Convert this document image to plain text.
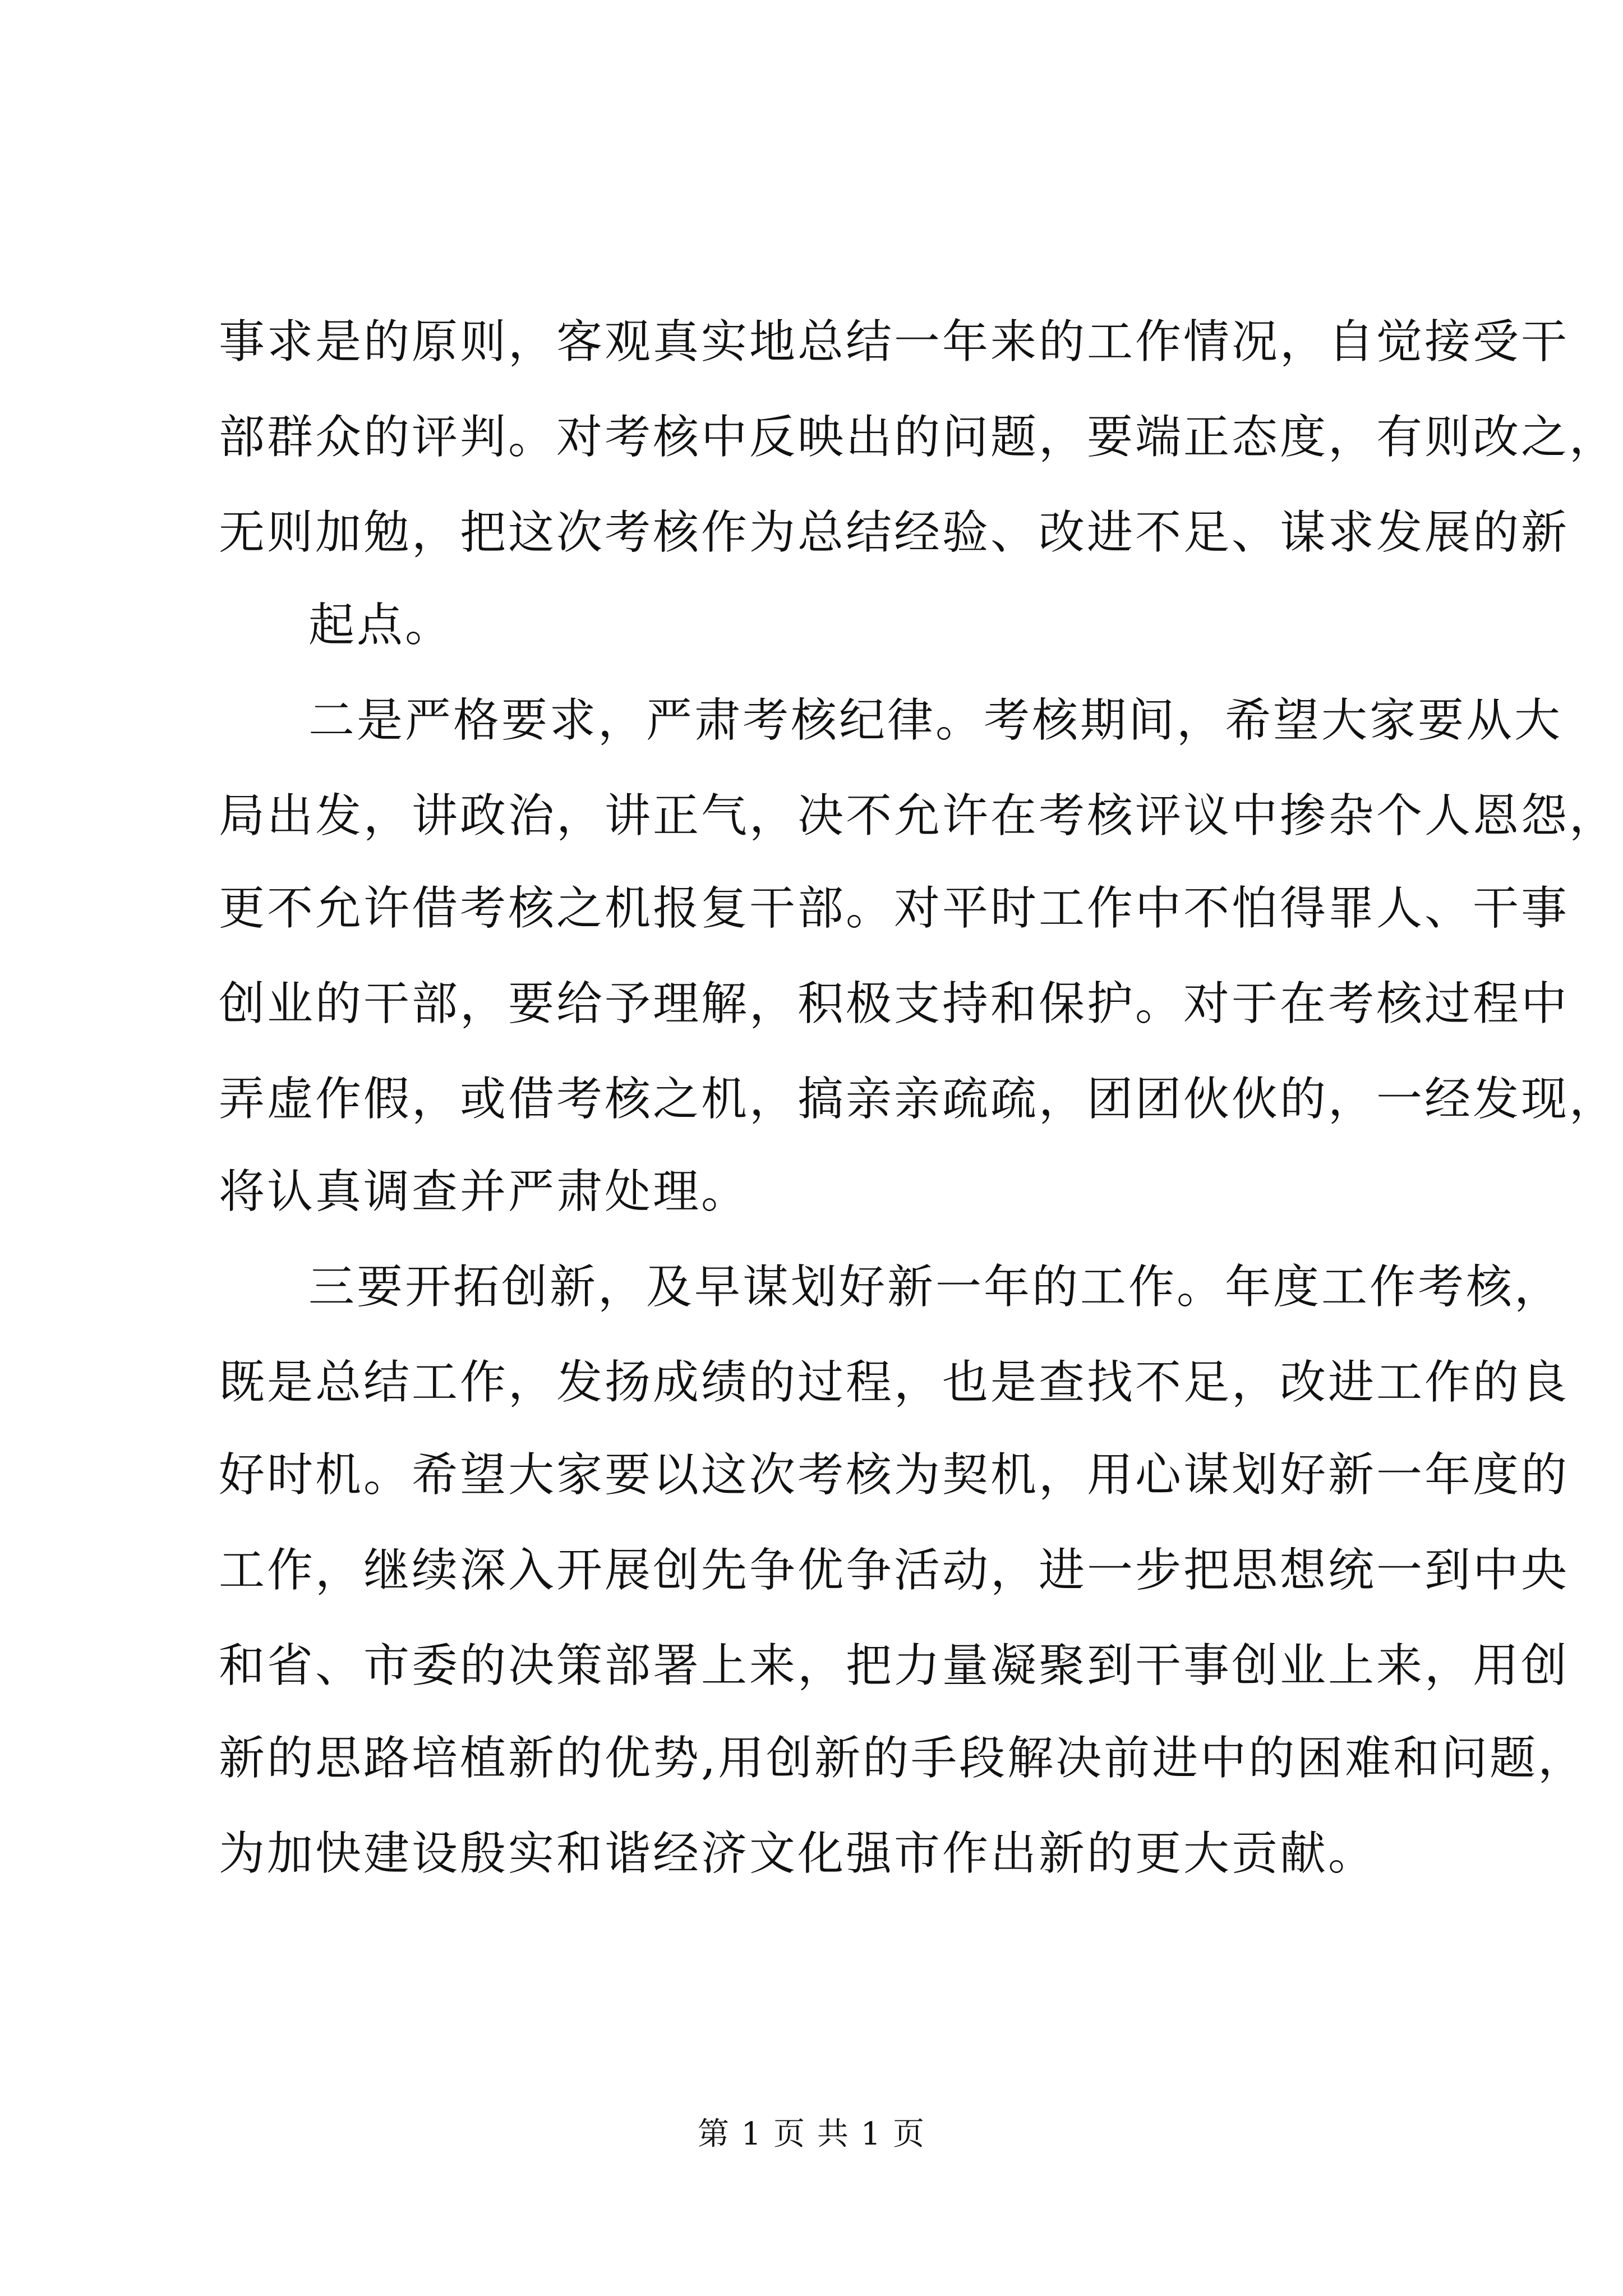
事求是的原则，客观真实地总结一年来的工作情况，自觉接受干
部群众的评判。对考核中反映出的问题，要端正态度，有则改之，
无则加勉，把这次考核作为总结经验、改进不足、谋求发展的新
起点。
二是严格要求，严肃考核纪律。考核期间，希望大家要从大
局出发，讲政治，讲正气，决不允许在考核评议中掺杂个人恩怨，
更不允许借考核之机报复干部。对平时工作中不怕得罪人、干事
创业的干部，要给予理解，积极支持和保护。对于在考核过程中
弄虚作假，或借考核之机，搞亲亲疏疏，团团伙伙的，一经发现，
将认真调查并严肃处理。
三要开拓创新，及早谋划好新一年的工作。年度工作考核，
既是总结工作，发扬成绩的过程，也是查找不足，改进工作的良
好时机。希望大家要以这次考核为契机，用心谋划好新一年度的
工作，继续深入开展创先争优争活动，进一步把思想统一到中央
和省、市委的决策部署上来，把力量凝聚到干事创业上来，用创
新的思路培植新的优势,用创新的手段解决前进中的困难和问题，
为加快建设殷实和谐经济文化强市作出新的更大贡献。
第 1 页 共 1 页
